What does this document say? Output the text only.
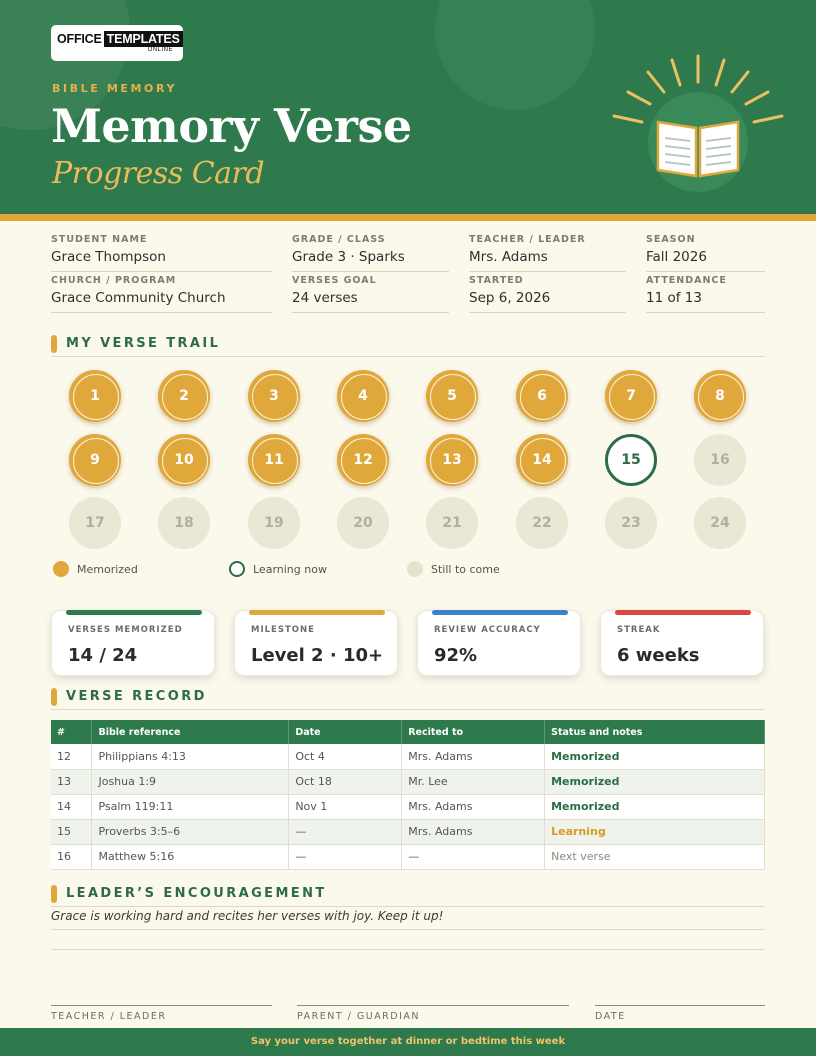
OFFICE TEMPLATES
ONLINE
BIBLE MEMORY
Memory Verse
Progress Card
STUDENT NAME
Grace Thompson
GRADE / CLASS
Grade 3 · Sparks
TEACHER / LEADER
Mrs. Adams
SEASON
Fall 2026
CHURCH / PROGRAM
Grace Community Church
VERSES GOAL
24 verses
STARTED
Sep 6, 2026
ATTENDANCE
11 of 13
MY VERSE TRAIL
1	2	3	4	5	6	7	8
9	10	11	12	13	14	15	16
17	18	19	20	21	22	23	24
Memorized	Learning now	Still to come
VERSES MEMORIZED
14 / 24
MILESTONE
Level 2 · 10+
REVIEW ACCURACY
92%
STREAK
6 weeks
VERSE RECORD
#	Bible reference	Date	Recited to	Status and notes
12	Philippians 4:13	Oct 4	Mrs. Adams	Memorized
13	Joshua 1:9	Oct 18	Mr. Lee	Memorized
14	Psalm 119:11	Nov 1	Mrs. Adams	Memorized
15	Proverbs 3:5–6	—	Mrs. Adams	Learning
16	Matthew 5:16	—	—	Next verse
LEADER’S ENCOURAGEMENT
Grace is working hard and recites her verses with joy. Keep it up!
TEACHER / LEADER	PARENT / GUARDIAN	DATE
Say your verse together at dinner or bedtime this week
